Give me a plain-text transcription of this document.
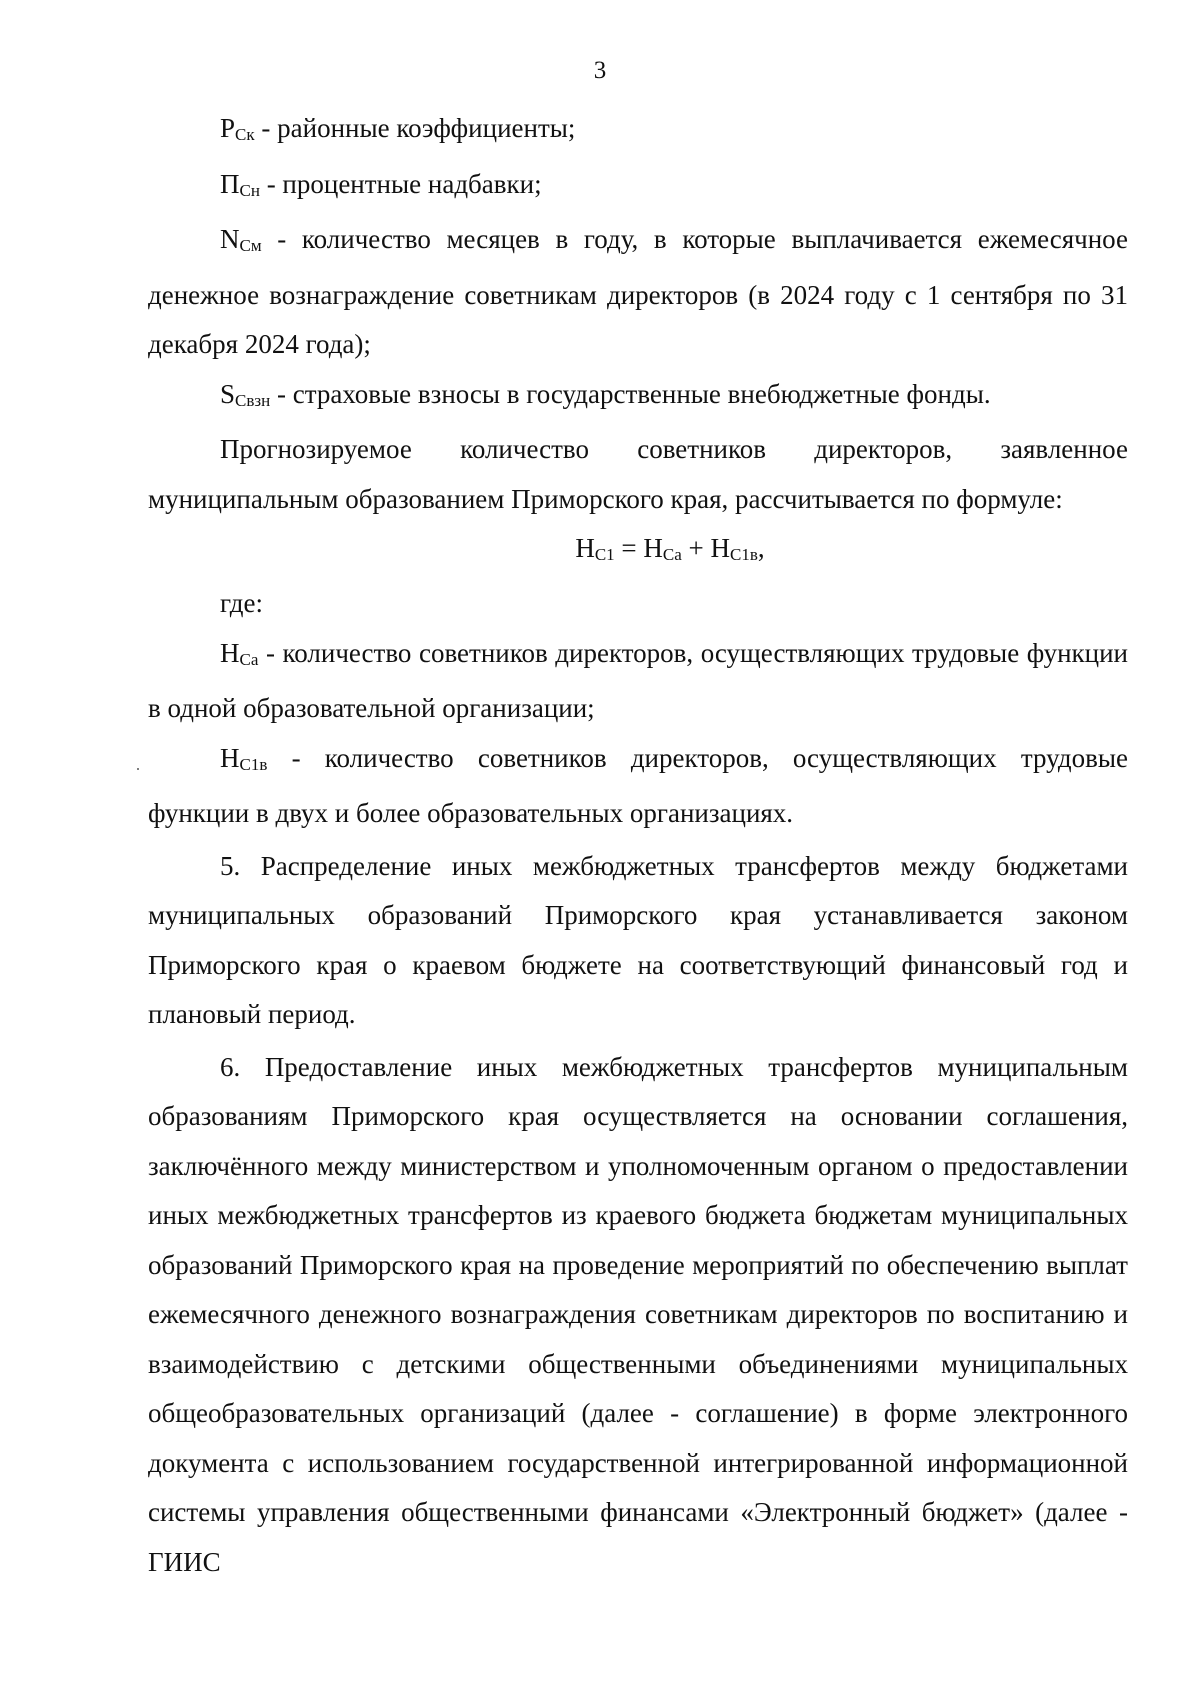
3

РСк - районные коэффициенты;

ПСн - процентные надбавки;

NСм - количество месяцев в году, в которые выплачивается ежемесячное денежное вознаграждение советникам директоров (в 2024 году с 1 сентября по 31 декабря 2024 года);

SСвзн - страховые взносы в государственные внебюджетные фонды.

Прогнозируемое количество советников директоров, заявленное муниципальным образованием Приморского края, рассчитывается по формуле:

НС1 = НСа + НС1в,

где:

НСа - количество советников директоров, осуществляющих трудовые функции в одной образовательной организации;

НС1в - количество советников директоров, осуществляющих трудовые функции в двух и более образовательных организациях.

5. Распределение иных межбюджетных трансфертов между бюджетами муниципальных образований Приморского края устанавливается законом Приморского края о краевом бюджете на соответствующий финансовый год и плановый период.

6. Предоставление иных межбюджетных трансфертов муниципальным образованиям Приморского края осуществляется на основании соглашения, заключённого между министерством и уполномоченным органом о предоставлении иных межбюджетных трансфертов из краевого бюджета бюджетам муниципальных образований Приморского края на проведение мероприятий по обеспечению выплат ежемесячного денежного вознаграждения советникам директоров по воспитанию и взаимодействию с детскими общественными объединениями муниципальных общеобразовательных организаций (далее - соглашение) в форме электронного документа с использованием государственной интегрированной информационной системы управления общественными финансами «Электронный бюджет» (далее - ГИИС
